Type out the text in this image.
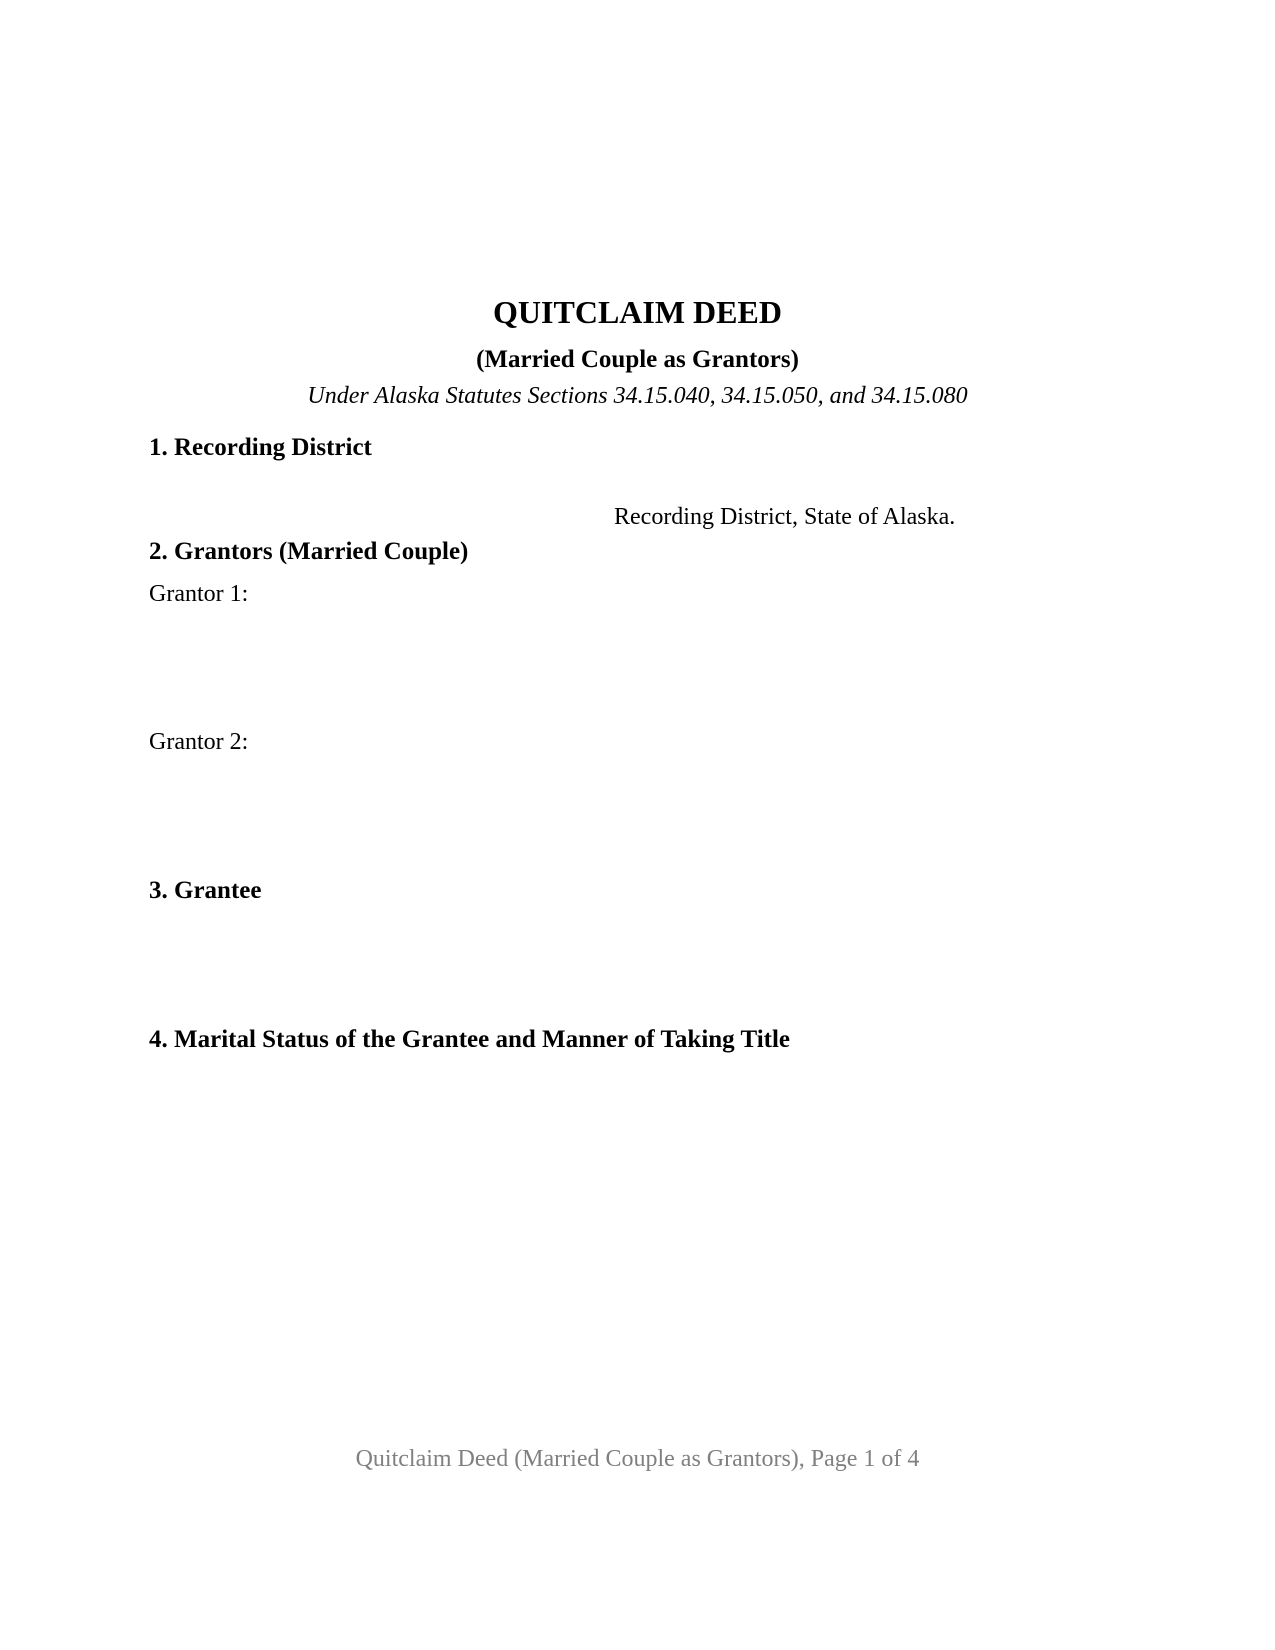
QUITCLAIM DEED
(Married Couple as Grantors)
Under Alaska Statutes Sections 34.15.040, 34.15.050, and 34.15.080
1. Recording District
Recording District, State of Alaska.
2. Grantors (Married Couple)
Grantor 1:
Grantor 2:
3. Grantee
4. Marital Status of the Grantee and Manner of Taking Title
Quitclaim Deed (Married Couple as Grantors), Page 1 of 4
